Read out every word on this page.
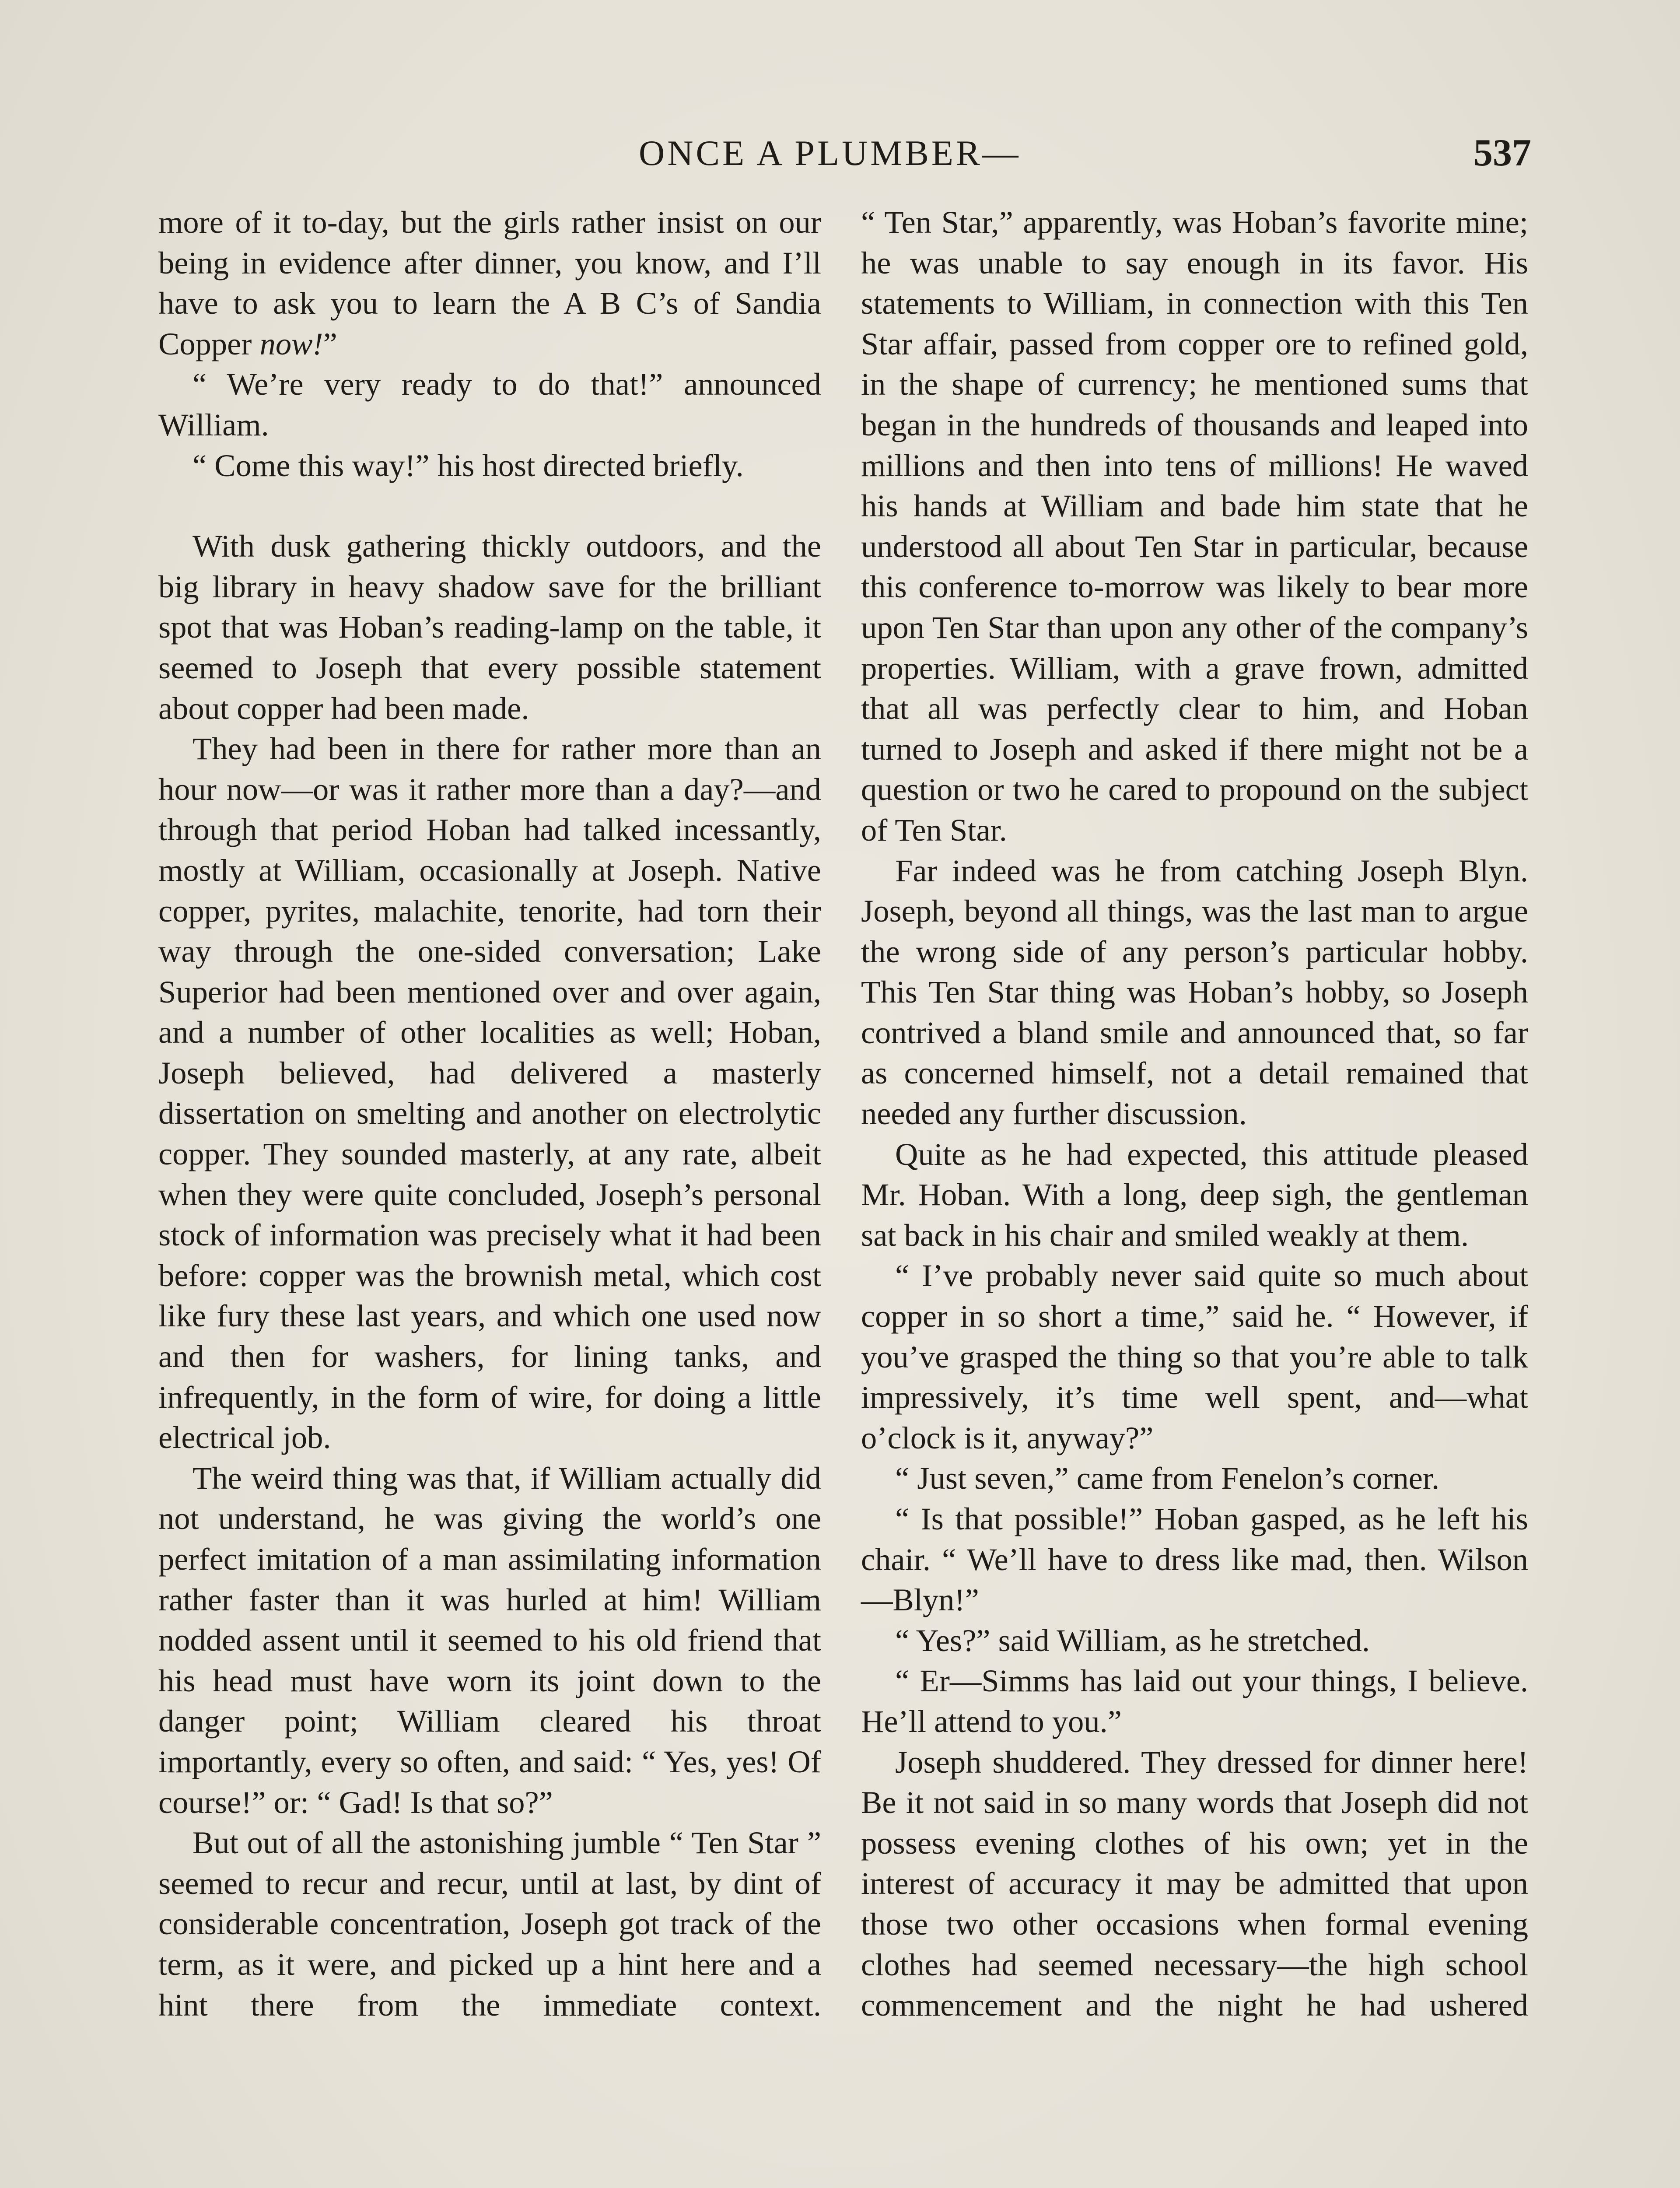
ONCE A PLUMBER—	537

more of it to-day, but the girls rather insist on our being in evidence after dinner, you know, and I’ll have to ask you to learn the A B C’s of Sandia Copper now!”

“ We’re very ready to do that!” announced William.

“ Come this way!” his host directed briefly.

With dusk gathering thickly outdoors, and the big library in heavy shadow save for the brilliant spot that was Hoban’s reading-lamp on the table, it seemed to Joseph that every possible statement about copper had been made.

They had been in there for rather more than an hour now—or was it rather more than a day?—and through that period Hoban had talked incessantly, mostly at William, occasionally at Joseph. Native copper, pyrites, malachite, tenorite, had torn their way through the one-sided conversation; Lake Superior had been mentioned over and over again, and a number of other localities as well; Hoban, Joseph believed, had delivered a masterly dissertation on smelting and another on electrolytic copper. They sounded masterly, at any rate, albeit when they were quite concluded, Joseph’s personal stock of information was precisely what it had been before: copper was the brownish metal, which cost like fury these last years, and which one used now and then for washers, for lining tanks, and infrequently, in the form of wire, for doing a little electrical job.

The weird thing was that, if William actually did not understand, he was giving the world’s one perfect imitation of a man assimilating information rather faster than it was hurled at him! William nodded assent until it seemed to his old friend that his head must have worn its joint down to the danger point; William cleared his throat importantly, every so often, and said: “ Yes, yes! Of course!” or: “ Gad! Is that so?”

But out of all the astonishing jumble “ Ten Star ” seemed to recur and recur, until at last, by dint of considerable concentration, Joseph got track of the term, as it were, and picked up a hint here and a hint there from the immediate context.

“ Ten Star,” apparently, was Hoban’s favorite mine; he was unable to say enough in its favor. His statements to William, in connection with this Ten Star affair, passed from copper ore to refined gold, in the shape of currency; he mentioned sums that began in the hundreds of thousands and leaped into millions and then into tens of millions! He waved his hands at William and bade him state that he understood all about Ten Star in particular, because this conference to-morrow was likely to bear more upon Ten Star than upon any other of the company’s properties. William, with a grave frown, admitted that all was perfectly clear to him, and Hoban turned to Joseph and asked if there might not be a question or two he cared to propound on the subject of Ten Star.

Far indeed was he from catching Joseph Blyn. Joseph, beyond all things, was the last man to argue the wrong side of any person’s particular hobby. This Ten Star thing was Hoban’s hobby, so Joseph contrived a bland smile and announced that, so far as concerned himself, not a detail remained that needed any further discussion.

Quite as he had expected, this attitude pleased Mr. Hoban. With a long, deep sigh, the gentleman sat back in his chair and smiled weakly at them.

“ I’ve probably never said quite so much about copper in so short a time,” said he. “ However, if you’ve grasped the thing so that you’re able to talk impressively, it’s time well spent, and—what o’clock is it, anyway?”

“ Just seven,” came from Fenelon’s corner.

“ Is that possible!” Hoban gasped, as he left his chair. “ We’ll have to dress like mad, then. Wilson—Blyn!”

“ Yes?” said William, as he stretched.

“ Er—Simms has laid out your things, I believe. He’ll attend to you.”

Joseph shuddered. They dressed for dinner here! Be it not said in so many words that Joseph did not possess evening clothes of his own; yet in the interest of accuracy it may be admitted that upon those two other occasions when formal evening clothes had seemed necessary—the high school commencement and the night he had ushered
